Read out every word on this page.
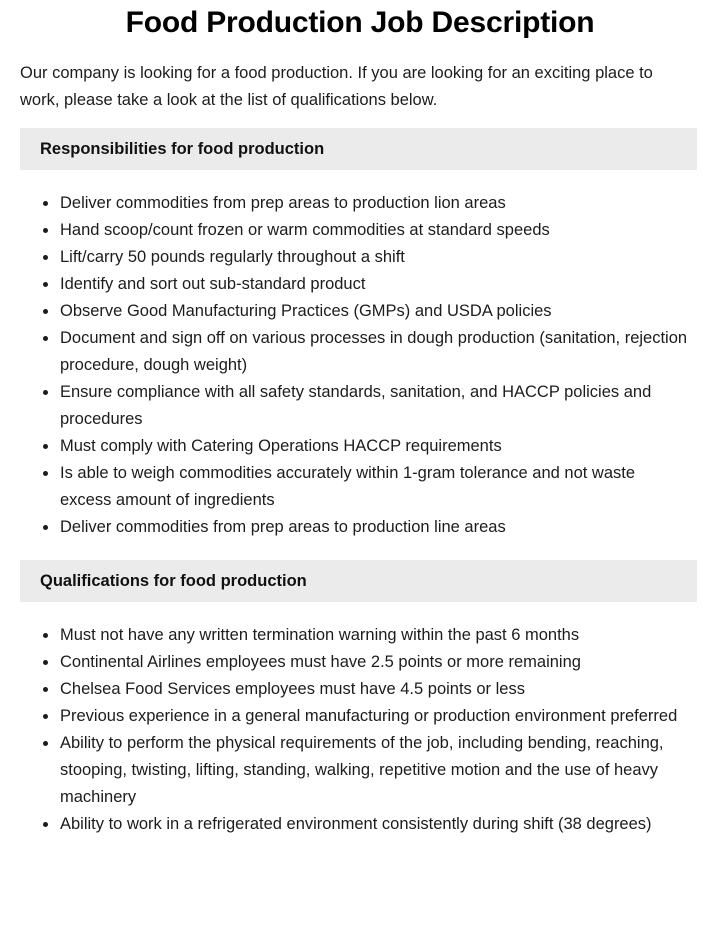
Food Production Job Description

Our company is looking for a food production. If you are looking for an exciting place to work, please take a look at the list of qualifications below.

Responsibilities for food production
Deliver commodities from prep areas to production lion areas
Hand scoop/count frozen or warm commodities at standard speeds
Lift/carry 50 pounds regularly throughout a shift
Identify and sort out sub-standard product
Observe Good Manufacturing Practices (GMPs) and USDA policies
Document and sign off on various processes in dough production (sanitation, rejection procedure, dough weight)
Ensure compliance with all safety standards, sanitation, and HACCP policies and procedures
Must comply with Catering Operations HACCP requirements
Is able to weigh commodities accurately within 1-gram tolerance and not waste excess amount of ingredients
Deliver commodities from prep areas to production line areas
Qualifications for food production
Must not have any written termination warning within the past 6 months
Continental Airlines employees must have 2.5 points or more remaining
Chelsea Food Services employees must have 4.5 points or less
Previous experience in a general manufacturing or production environment preferred
Ability to perform the physical requirements of the job, including bending, reaching, stooping, twisting, lifting, standing, walking, repetitive motion and the use of heavy machinery
Ability to work in a refrigerated environment consistently during shift (38 degrees)
